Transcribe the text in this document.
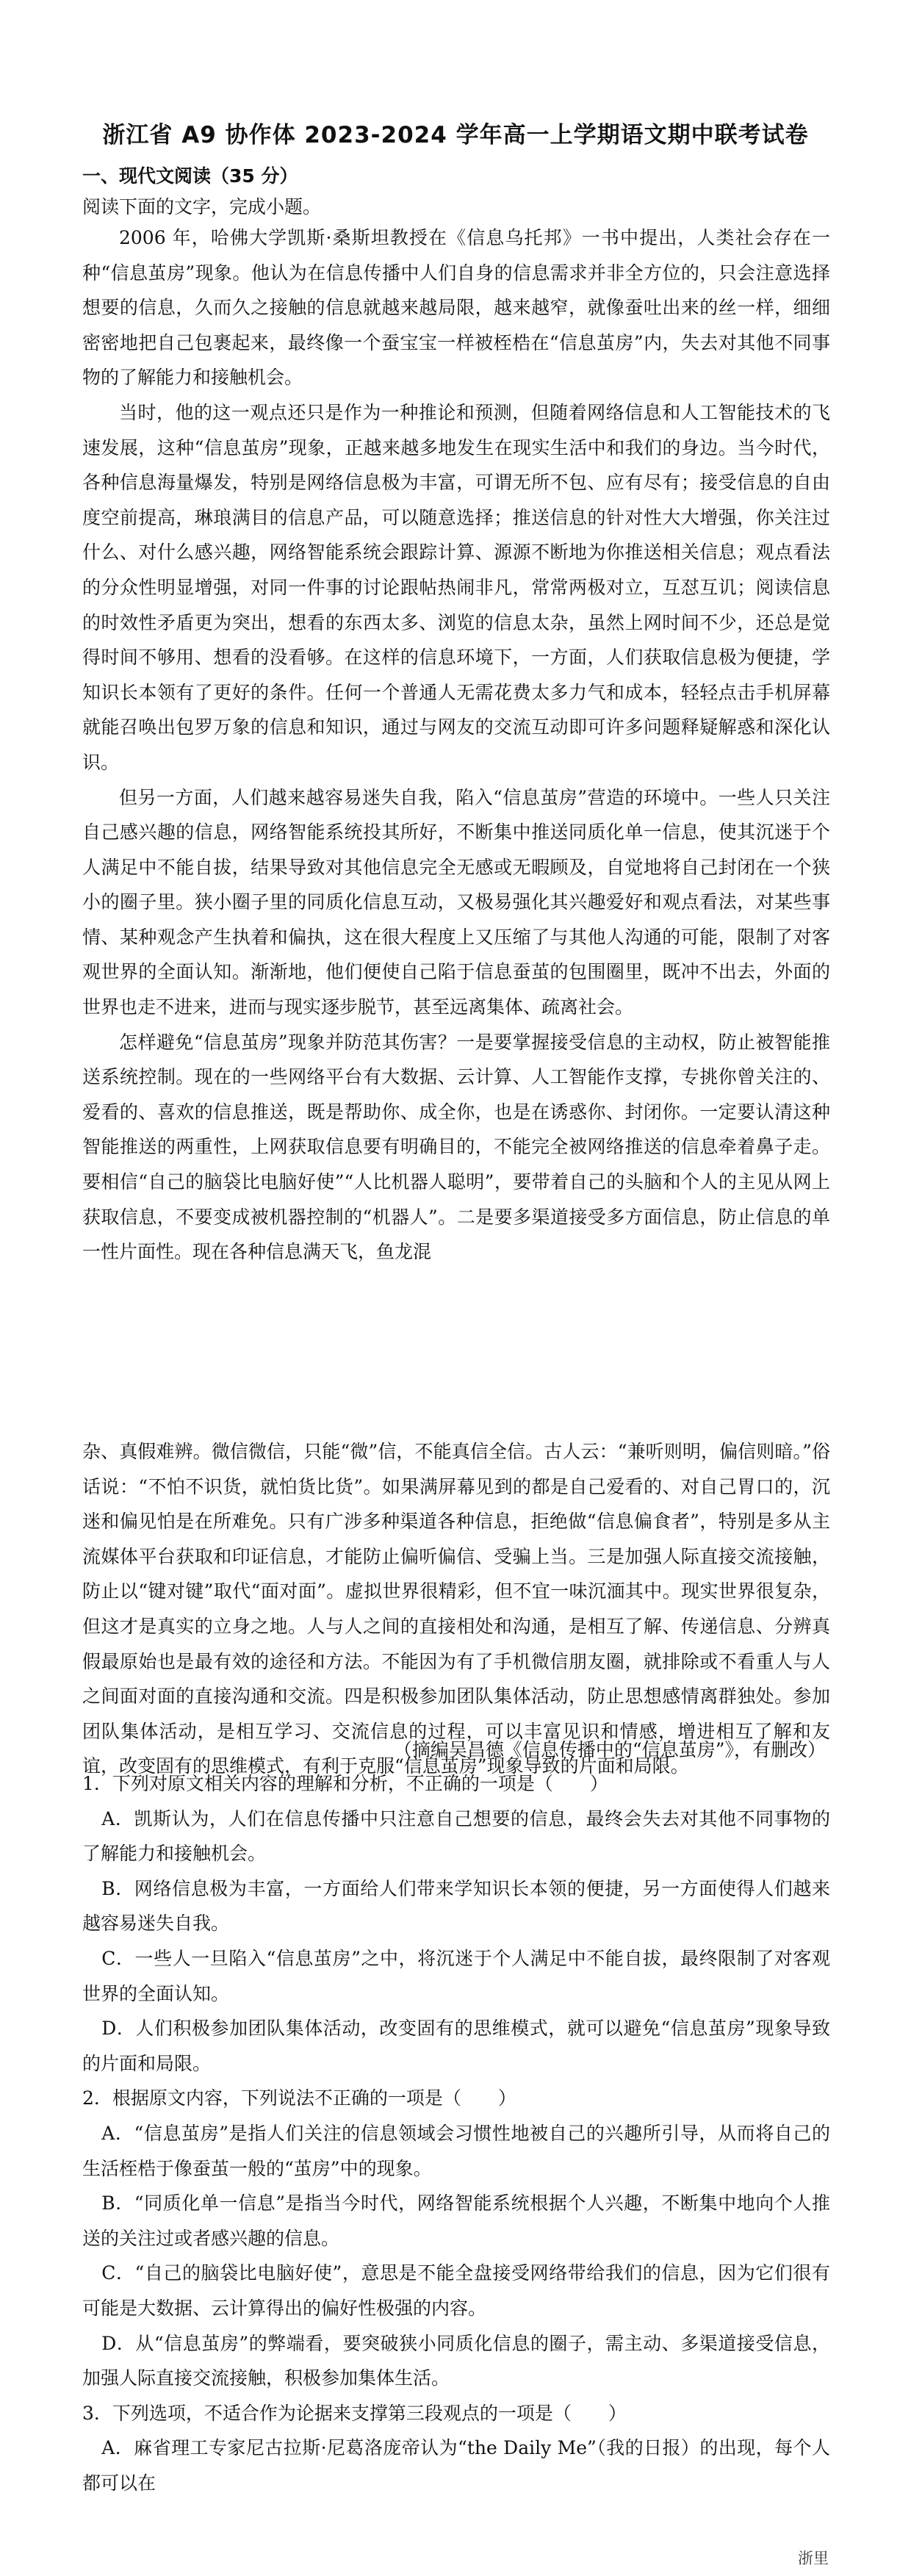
浙江省 A9 协作体 2023-2024 学年高一上学期语文期中联考试卷
一、现代文阅读（35 分）
阅读下面的文字，完成小题。

2006 年，哈佛大学凯斯·桑斯坦教授在《信息乌托邦》一书中提出，人类社会存在一种“信息茧房”现象。他认为在信息传播中人们自身的信息需求并非全方位的，只会注意选择想要的信息，久而久之接触的信息就越来越局限，越来越窄，就像蚕吐出来的丝一样，细细密密地把自己包裹起来，最终像一个蚕宝宝一样被桎梏在“信息茧房”内，失去对其他不同事物的了解能力和接触机会。

当时，他的这一观点还只是作为一种推论和预测，但随着网络信息和人工智能技术的飞速发展，这种“信息茧房”现象，正越来越多地发生在现实生活中和我们的身边。当今时代，各种信息海量爆发，特别是网络信息极为丰富，可谓无所不包、应有尽有；接受信息的自由度空前提高，琳琅满目的信息产品，可以随意选择；推送信息的针对性大大增强，你关注过什么、对什么感兴趣，网络智能系统会跟踪计算、源源不断地为你推送相关信息；观点看法的分众性明显增强，对同一件事的讨论跟帖热闹非凡，常常两极对立，互怼互讥；阅读信息的时效性矛盾更为突出，想看的东西太多、浏览的信息太杂，虽然上网时间不少，还总是觉得时间不够用、想看的没看够。在这样的信息环境下，一方面，人们获取信息极为便捷，学知识长本领有了更好的条件。任何一个普通人无需花费太多力气和成本，轻轻点击手机屏幕就能召唤出包罗万象的信息和知识，通过与网友的交流互动即可许多问题释疑解惑和深化认识。

但另一方面，人们越来越容易迷失自我，陷入“信息茧房”营造的环境中。一些人只关注自己感兴趣的信息，网络智能系统投其所好，不断集中推送同质化单一信息，使其沉迷于个人满足中不能自拔，结果导致对其他信息完全无感或无暇顾及，自觉地将自己封闭在一个狭小的圈子里。狭小圈子里的同质化信息互动，又极易强化其兴趣爱好和观点看法，对某些事情、某种观念产生执着和偏执，这在很大程度上又压缩了与其他人沟通的可能，限制了对客观世界的全面认知。渐渐地，他们便使自己陷于信息蚕茧的包围圈里，既冲不出去，外面的世界也走不进来，进而与现实逐步脱节，甚至远离集体、疏离社会。

怎样避免“信息茧房”现象并防范其伤害？一是要掌握接受信息的主动权，防止被智能推送系统控制。现在的一些网络平台有大数据、云计算、人工智能作支撑，专挑你曾关注的、爱看的、喜欢的信息推送，既是帮助你、成全你，也是在诱惑你、封闭你。一定要认清这种智能推送的两重性，上网获取信息要有明确目的，不能完全被网络推送的信息牵着鼻子走。要相信“自己的脑袋比电脑好使”“人比机器人聪明”，要带着自己的头脑和个人的主见从网上获取信息，不要变成被机器控制的“机器人”。二是要多渠道接受多方面信息，防止信息的单一性片面性。现在各种信息满天飞，鱼龙混

杂、真假难辨。微信微信，只能“微”信，不能真信全信。古人云：“兼听则明，偏信则暗。”俗话说：“不怕不识货，就怕货比货”。如果满屏幕见到的都是自己爱看的、对自己胃口的，沉迷和偏见怕是在所难免。只有广涉多种渠道各种信息，拒绝做“信息偏食者”，特别是多从主流媒体平台获取和印证信息，才能防止偏听偏信、受骗上当。三是加强人际直接交流接触，防止以“键对键”取代“面对面”。虚拟世界很精彩，但不宜一味沉湎其中。现实世界很复杂，但这才是真实的立身之地。人与人之间的直接相处和沟通，是相互了解、传递信息、分辨真假最原始也是最有效的途径和方法。不能因为有了手机微信朋友圈，就排除或不看重人与人之间面对面的直接沟通和交流。四是积极参加团队集体活动，防止思想感情离群独处。参加团队集体活动，是相互学习、交流信息的过程，可以丰富见识和情感，增进相互了解和友谊，改变固有的思维模式，有利于克服“信息茧房”现象导致的片面和局限。

（摘编吴昌德《信息传播中的“信息茧房”》，有删改）

1．下列对原文相关内容的理解和分析，不正确的一项是（　　）

A．凯斯认为，人们在信息传播中只注意自己想要的信息，最终会失去对其他不同事物的了解能力和接触机会。

B．网络信息极为丰富，一方面给人们带来学知识长本领的便捷，另一方面使得人们越来越容易迷失自我。

C．一些人一旦陷入“信息茧房”之中，将沉迷于个人满足中不能自拔，最终限制了对客观世界的全面认知。

D．人们积极参加团队集体活动，改变固有的思维模式，就可以避免“信息茧房”现象导致的片面和局限。

2．根据原文内容，下列说法不正确的一项是（　　）

A．“信息茧房”是指人们关注的信息领域会习惯性地被自己的兴趣所引导，从而将自己的生活桎梏于像蚕茧一般的“茧房”中的现象。

B．“同质化单一信息”是指当今时代，网络智能系统根据个人兴趣，不断集中地向个人推送的关注过或者感兴趣的信息。

C．“自己的脑袋比电脑好使”，意思是不能全盘接受网络带给我们的信息，因为它们很有可能是大数据、云计算得出的偏好性极强的内容。

D．从“信息茧房”的弊端看，要突破狭小同质化信息的圈子，需主动、多渠道接受信息，加强人际直接交流接触，积极参加集体生活。

3．下列选项，不适合作为论据来支撑第三段观点的一项是（　　）

A．麻省理工专家尼古拉斯·尼葛洛庞帝认为“the Daily Me”（我的日报）的出现，每个人都可以在

浙里
